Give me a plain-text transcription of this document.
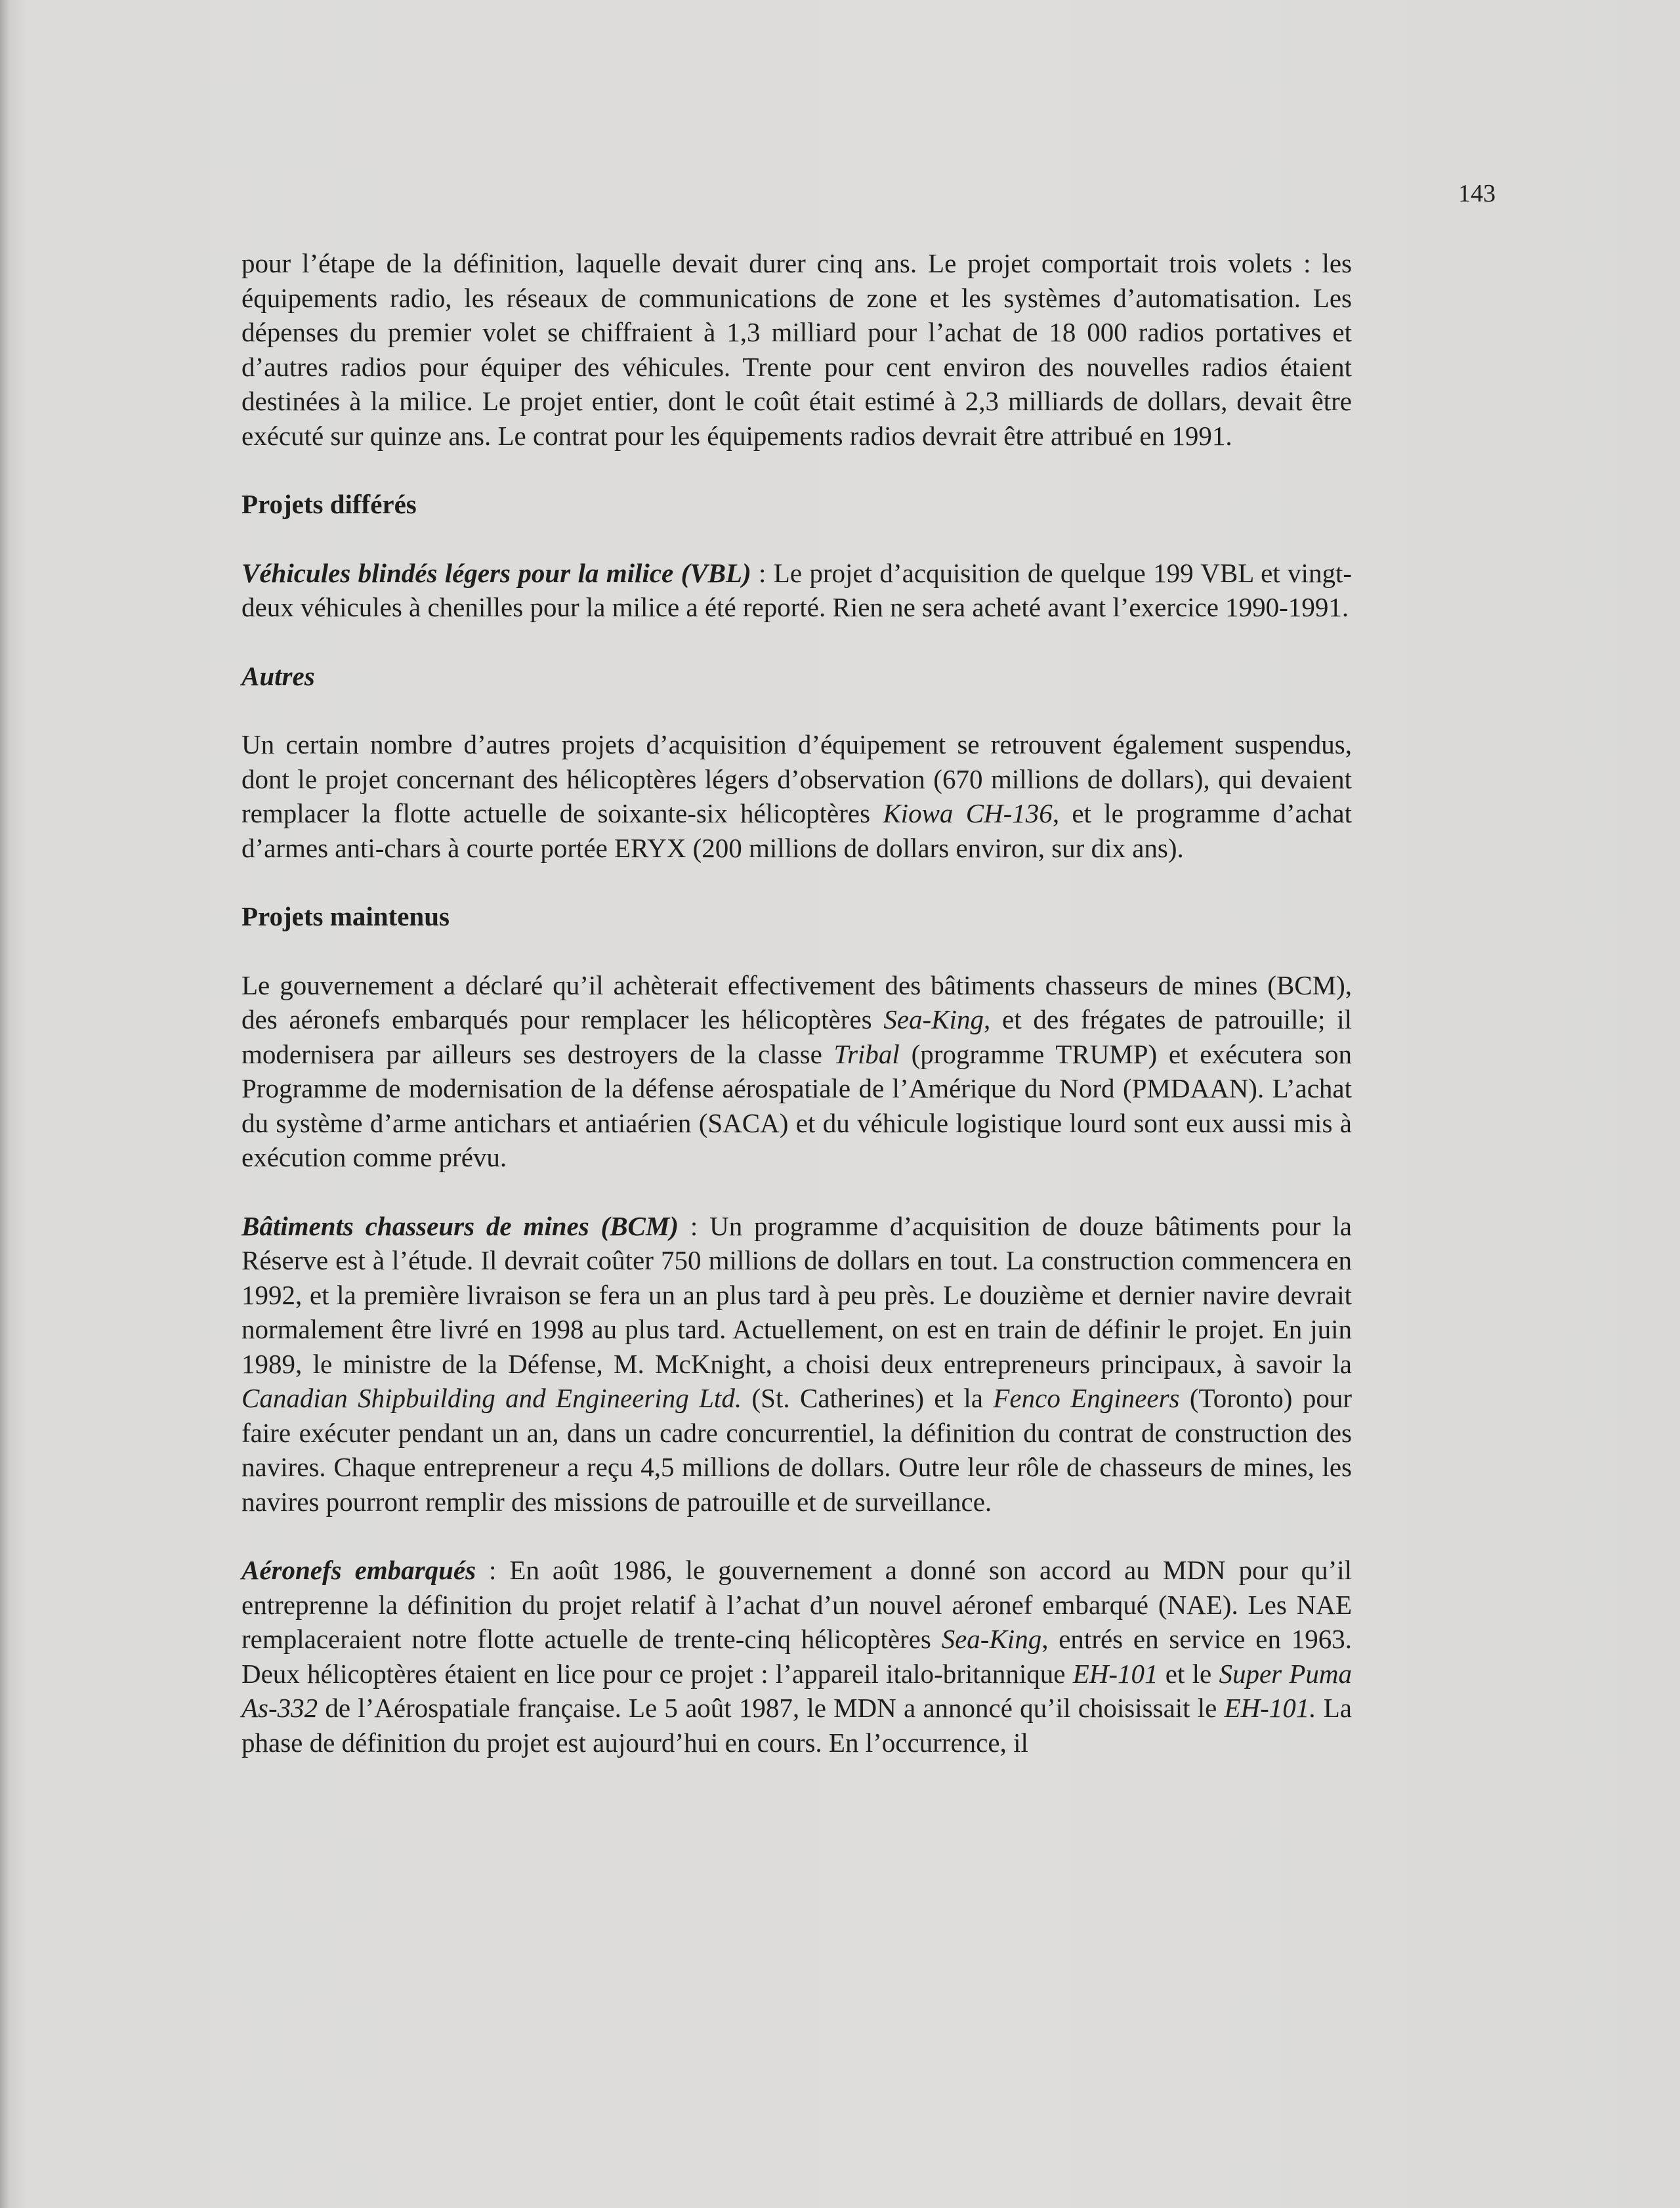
143

pour l’étape de la définition, laquelle devait durer cinq ans. Le projet comportait trois volets : les équipements radio, les réseaux de communications de zone et les systèmes d’automatisation. Les dépenses du premier volet se chiffraient à 1,3 milliard pour l’achat de 18 000 radios portatives et d’autres radios pour équiper des véhicules. Trente pour cent environ des nouvelles radios étaient destinées à la milice. Le projet entier, dont le coût était estimé à 2,3 milliards de dollars, devait être exécuté sur quinze ans. Le contrat pour les équipements radios devrait être attribué en 1991.

Projets différés

Véhicules blindés légers pour la milice (VBL) : Le projet d’acquisition de quelque 199 VBL et vingt-deux véhicules à chenilles pour la milice a été reporté. Rien ne sera acheté avant l’exercice 1990-1991.

Autres

Un certain nombre d’autres projets d’acquisition d’équipement se retrouvent également suspendus, dont le projet concernant des hélicoptères légers d’observation (670 millions de dollars), qui devaient remplacer la flotte actuelle de soixante-six hélicoptères Kiowa CH-136, et le programme d’achat d’armes anti-chars à courte portée ERYX (200 millions de dollars environ, sur dix ans).

Projets maintenus

Le gouvernement a déclaré qu’il achèterait effectivement des bâtiments chasseurs de mines (BCM), des aéronefs embarqués pour remplacer les hélicoptères Sea-King, et des frégates de patrouille; il modernisera par ailleurs ses destroyers de la classe Tribal (programme TRUMP) et exécutera son Programme de modernisation de la défense aérospatiale de l’Amérique du Nord (PMDAAN). L’achat du système d’arme antichars et antiaérien (SACA) et du véhicule logistique lourd sont eux aussi mis à exécution comme prévu.

Bâtiments chasseurs de mines (BCM) : Un programme d’acquisition de douze bâtiments pour la Réserve est à l’étude. Il devrait coûter 750 millions de dollars en tout. La construction commencera en 1992, et la première livraison se fera un an plus tard à peu près. Le douzième et dernier navire devrait normalement être livré en 1998 au plus tard. Actuellement, on est en train de définir le projet. En juin 1989, le ministre de la Défense, M. McKnight, a choisi deux entrepreneurs principaux, à savoir la Canadian Shipbuilding and Engineering Ltd. (St. Catherines) et la Fenco Engineers (Toronto) pour faire exécuter pendant un an, dans un cadre concurrentiel, la définition du contrat de construction des navires. Chaque entrepreneur a reçu 4,5 millions de dollars. Outre leur rôle de chasseurs de mines, les navires pourront remplir des missions de patrouille et de surveillance.

Aéronefs embarqués : En août 1986, le gouvernement a donné son accord au MDN pour qu’il entreprenne la définition du projet relatif à l’achat d’un nouvel aéronef embarqué (NAE). Les NAE remplaceraient notre flotte actuelle de trente-cinq hélicoptères Sea-King, entrés en service en 1963. Deux hélicoptères étaient en lice pour ce projet : l’appareil italo-britannique EH-101 et le Super Puma As-332 de l’Aérospatiale française. Le 5 août 1987, le MDN a annoncé qu’il choisissait le EH-101. La phase de définition du projet est aujourd’hui en cours. En l’occurrence, il
